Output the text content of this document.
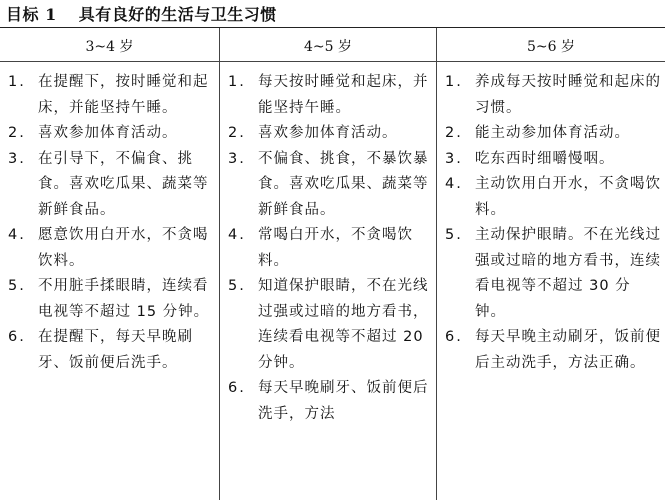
目标 1 具有良好的生活与卫生习惯
3~4 岁
1. 在提醒下，按时睡觉和起床，并能坚持午睡。
2. 喜欢参加体育活动。
3. 在引导下，不偏食、挑食。喜欢吃瓜果、蔬菜等新鲜食品。
4. 愿意饮用白开水，不贪喝饮料。
5. 不用脏手揉眼睛，连续看电视等不超过 15 分钟。
6. 在提醒下，每天早晚刷牙、饭前便后洗手。
4~5 岁
1. 每天按时睡觉和起床，并能坚持午睡。
2. 喜欢参加体育活动。
3. 不偏食、挑食，不暴饮暴食。喜欢吃瓜果、蔬菜等新鲜食品。
4. 常喝白开水，不贪喝饮料。
5. 知道保护眼睛，不在光线过强或过暗的地方看书，连续看电视等不超过 20 分钟。
6. 每天早晚刷牙、饭前便后洗手，方法
5~6 岁
1. 养成每天按时睡觉和起床的习惯。
2. 能主动参加体育活动。
3. 吃东西时细嚼慢咽。
4. 主动饮用白开水，不贪喝饮料。
5. 主动保护眼睛。不在光线过强或过暗的地方看书，连续看电视等不超过 30 分钟。
6. 每天早晚主动刷牙，饭前便后主动洗手，方法正确。
